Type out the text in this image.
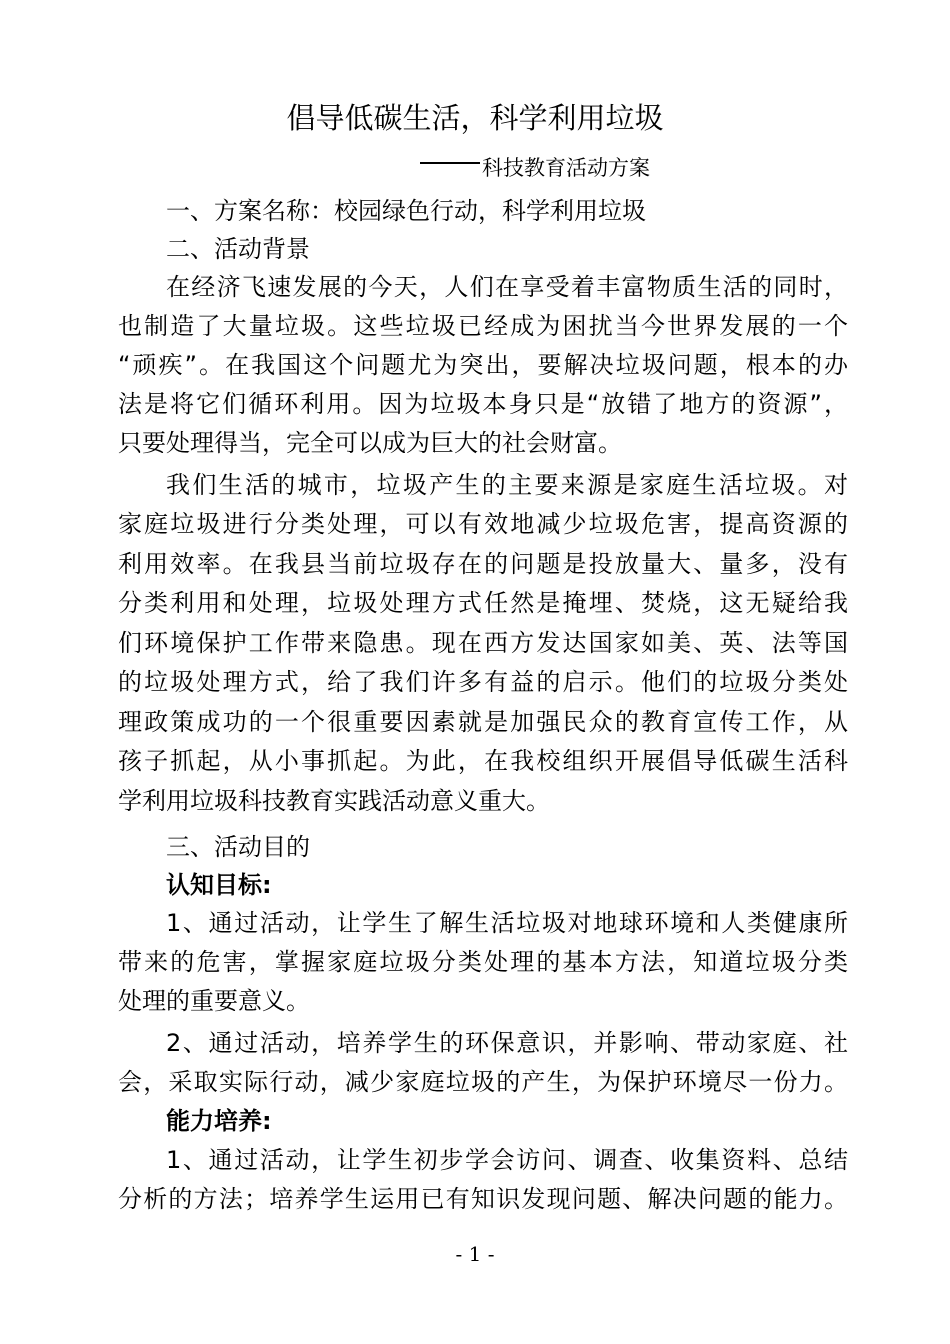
倡导低碳生活，科学利用垃圾
科技教育活动方案
一、方案名称：校园绿色行动，科学利用垃圾
二、活动背景
在经济飞速发展的今天，人们在享受着丰富物质生活的同时，
也制造了大量垃圾。这些垃圾已经成为困扰当今世界发展的一个
“顽疾”。在我国这个问题尤为突出，要解决垃圾问题，根本的办
法是将它们循环利用。因为垃圾本身只是“放错了地方的资源”，
只要处理得当，完全可以成为巨大的社会财富。
我们生活的城市，垃圾产生的主要来源是家庭生活垃圾。对
家庭垃圾进行分类处理，可以有效地减少垃圾危害，提高资源的
利用效率。在我县当前垃圾存在的问题是投放量大、量多，没有
分类利用和处理，垃圾处理方式任然是掩埋、焚烧，这无疑给我
们环境保护工作带来隐患。现在西方发达国家如美、英、法等国
的垃圾处理方式，给了我们许多有益的启示。他们的垃圾分类处
理政策成功的一个很重要因素就是加强民众的教育宣传工作，从
孩子抓起，从小事抓起。为此，在我校组织开展倡导低碳生活科
学利用垃圾科技教育实践活动意义重大。
三、活动目的
认知目标:
1、通过活动，让学生了解生活垃圾对地球环境和人类健康所
带来的危害，掌握家庭垃圾分类处理的基本方法，知道垃圾分类
处理的重要意义。
2、通过活动，培养学生的环保意识，并影响、带动家庭、社
会，采取实际行动，减少家庭垃圾的产生，为保护环境尽一份力。
能力培养:
1、通过活动，让学生初步学会访问、调查、收集资料、总结
分析的方法；培养学生运用已有知识发现问题、解决问题的能力。
- 1 -
